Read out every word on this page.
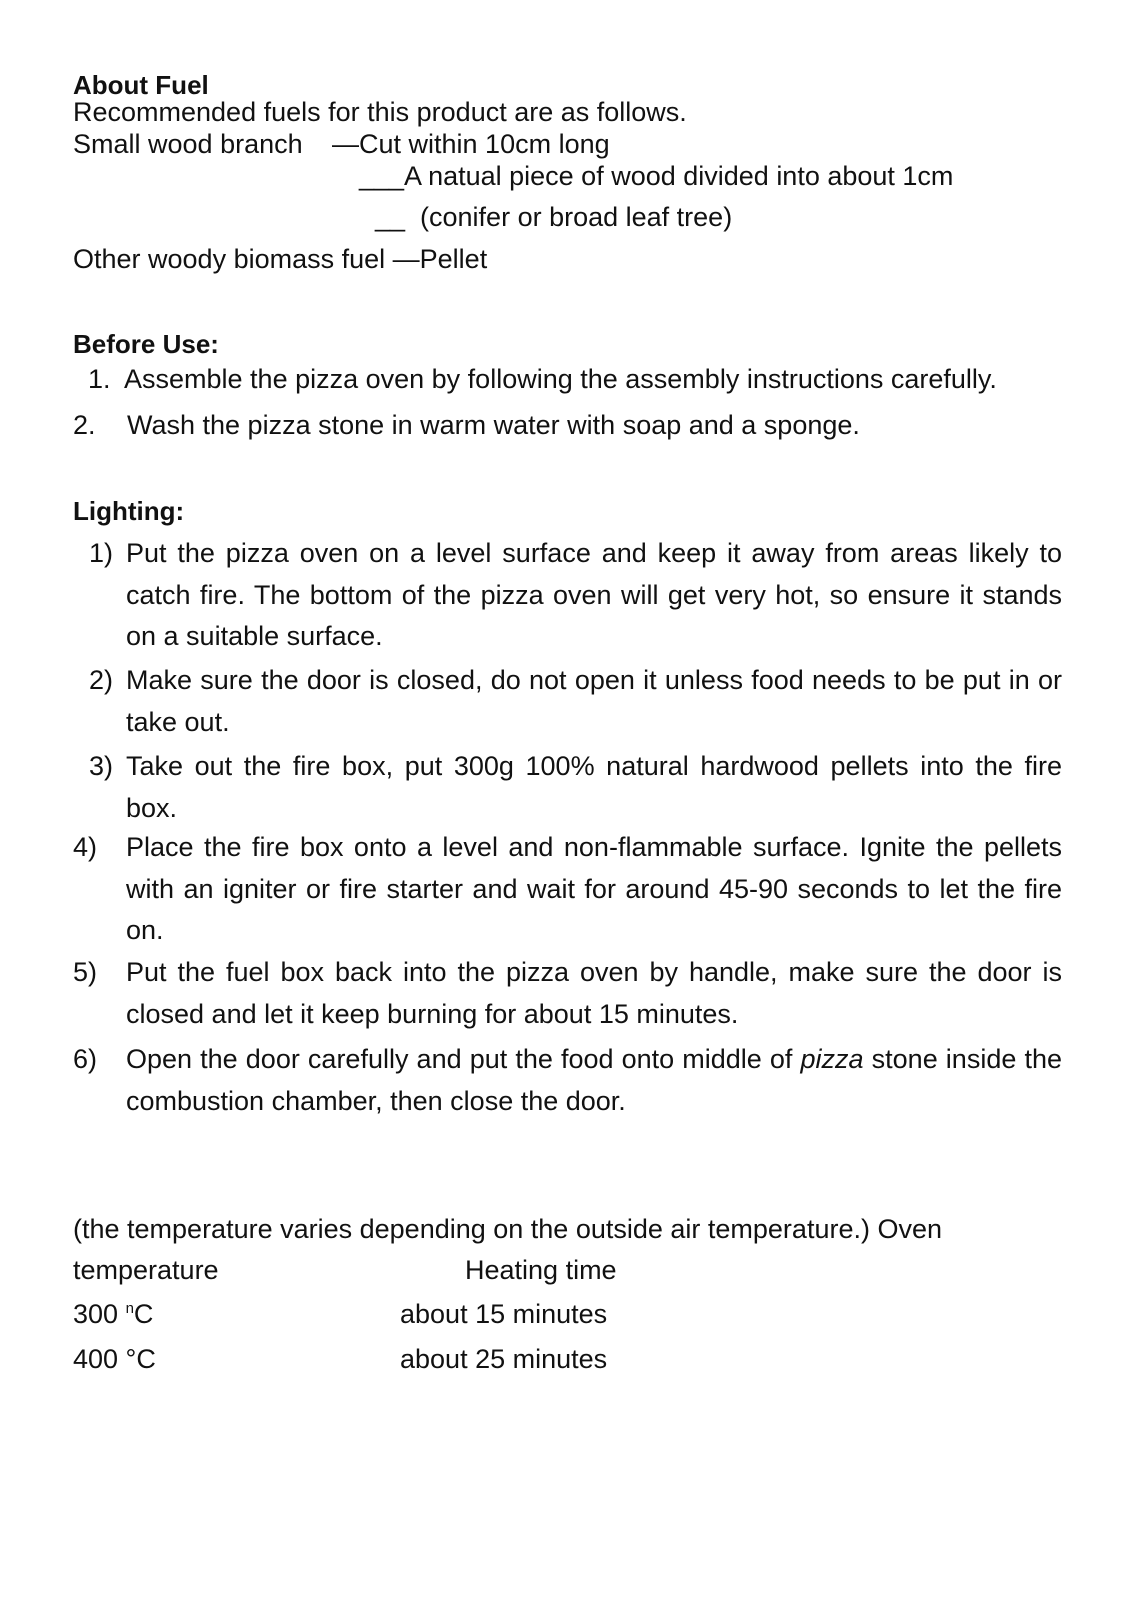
About Fuel
Recommended fuels for this product are as follows.
Small wood branch —Cut within 10cm long
___A natual piece of wood divided into about 1cm
__  (conifer or broad leaf tree)
Other woody biomass fuel —Pellet
Before Use:
1. Assemble the pizza oven by following the assembly instructions carefully.
2. Wash the pizza stone in warm water with soap and a sponge.
Lighting:
1) Put the pizza oven on a level surface and keep it away from areas likely to catch fire. The bottom of the pizza oven will get very hot, so ensure it stands on a suitable surface.
2) Make sure the door is closed, do not open it unless food needs to be put in or take out.
3) Take out the fire box, put 300g 100% natural hardwood pellets into the fire box.
4) Place the fire box onto a level and non-flammable surface. Ignite the pellets with an igniter or fire starter and wait for around 45-90 seconds to let the fire on.
5) Put the fuel box back into the pizza oven by handle, make sure the door is closed and let it keep burning for about 15 minutes.
6) Open the door carefully and put the food onto middle of pizza stone inside the combustion chamber, then close the door.
(the temperature varies depending on the outside air temperature.) Oven
temperature	Heating time
300 $^n$C	about 15 minutes
400 °C	about 25 minutes
